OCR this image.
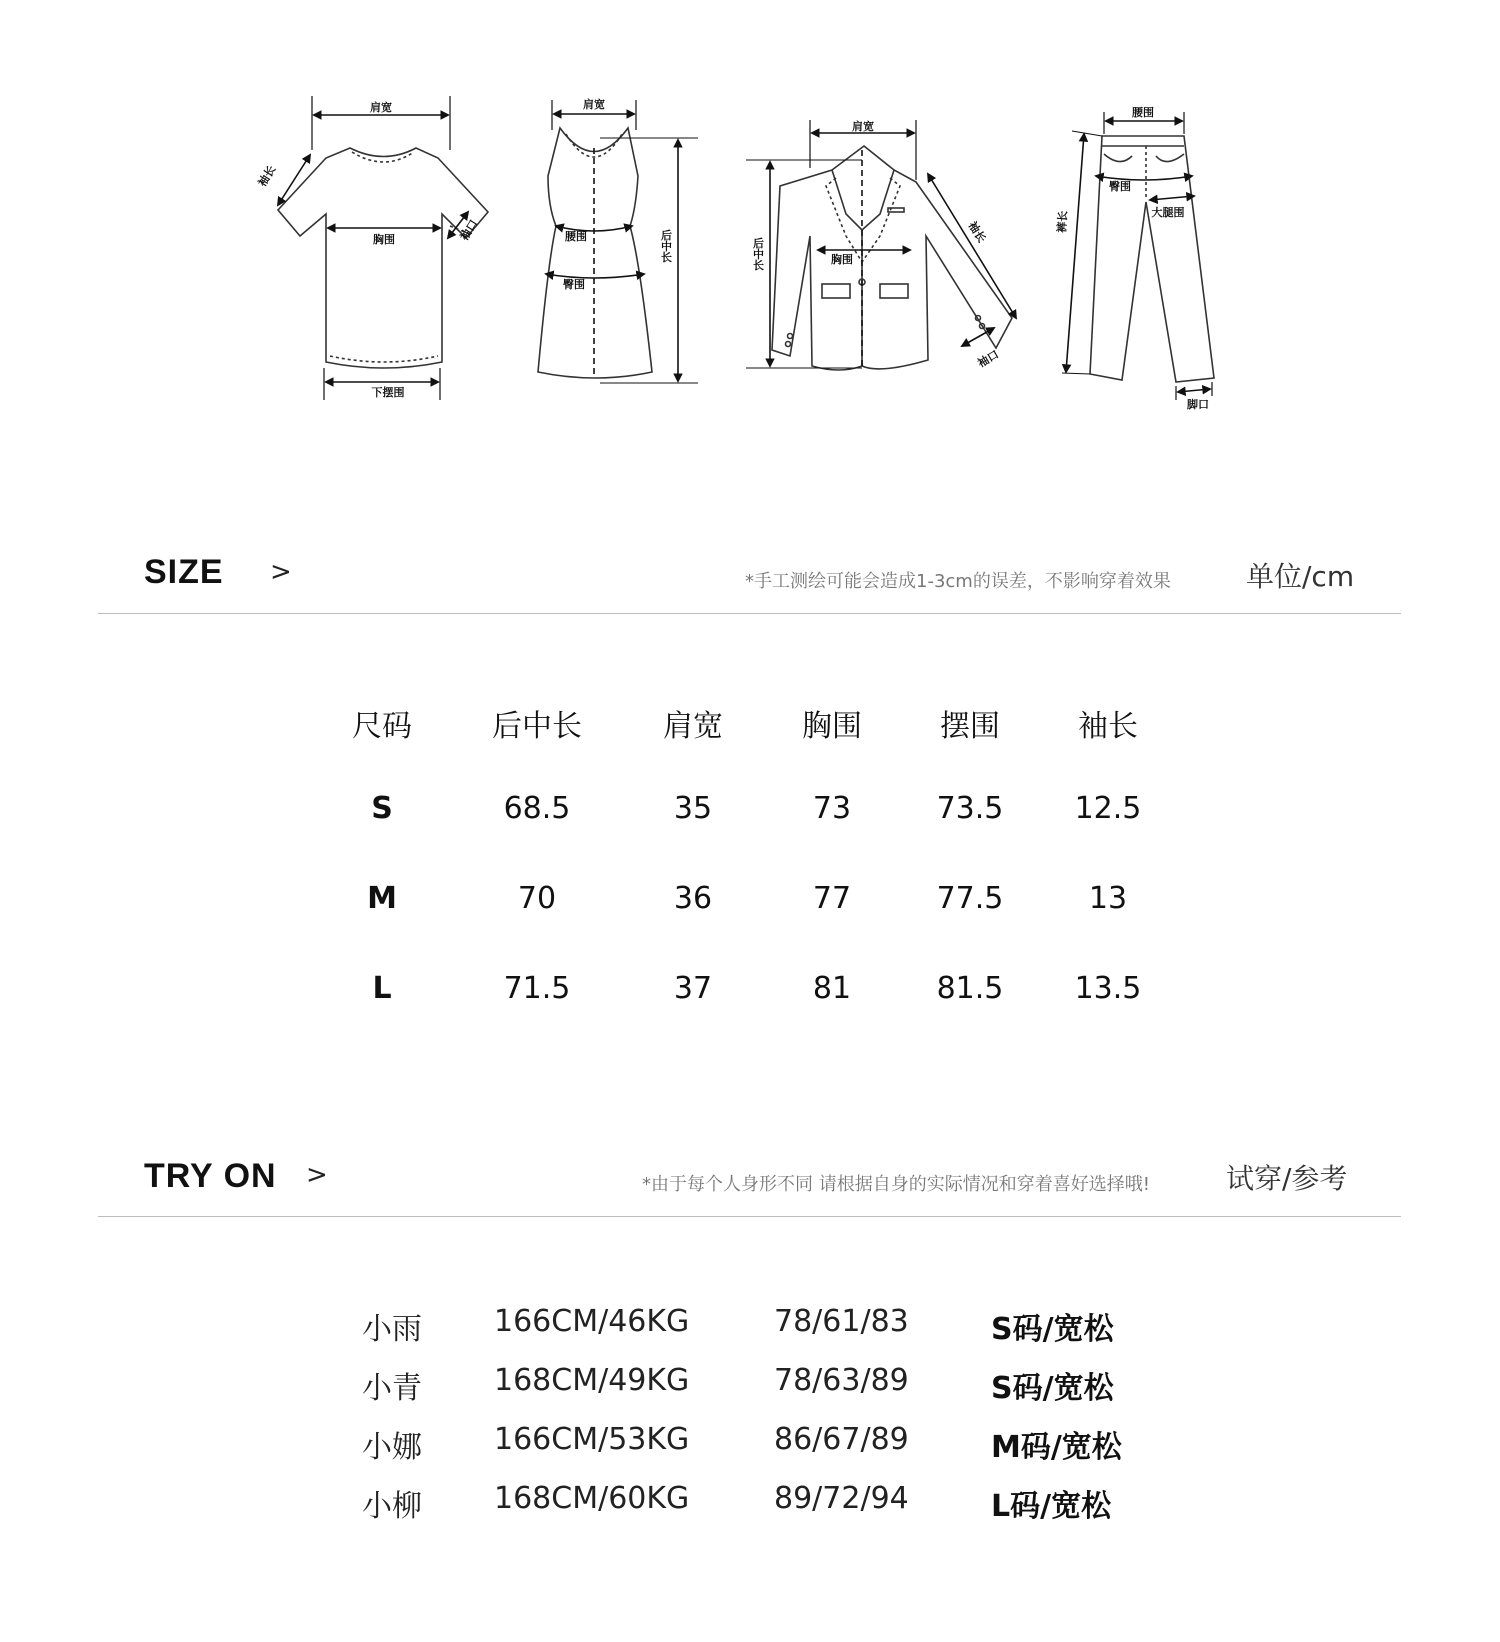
肩宽
袖长
胸围	袖口
下摆围
肩宽
腰围
臀围
后中长
肩宽
后中长	胸围
袖长
袖口
腰围
臀围
大腿围
裤长
脚口
SIZE >	*手工测绘可能会造成1-3cm的误差，不影响穿着效果	单位/cm
尺码	后中长	肩宽	胸围	摆围	袖长
S	68.5	35	73	73.5	12.5
M	70	36	77	77.5	13
L	71.5	37	81	81.5	13.5
TRY ON >	*由于每个人身形不同 请根据自身的实际情况和穿着喜好选择哦!	试穿/参考
小雨 166CM/46KG	78/61/83	S码/宽松
小青 168CM/49KG	78/63/89	S码/宽松
小娜 166CM/53KG	86/67/89	M码/宽松
小柳 168CM/60KG	89/72/94	L码/宽松
